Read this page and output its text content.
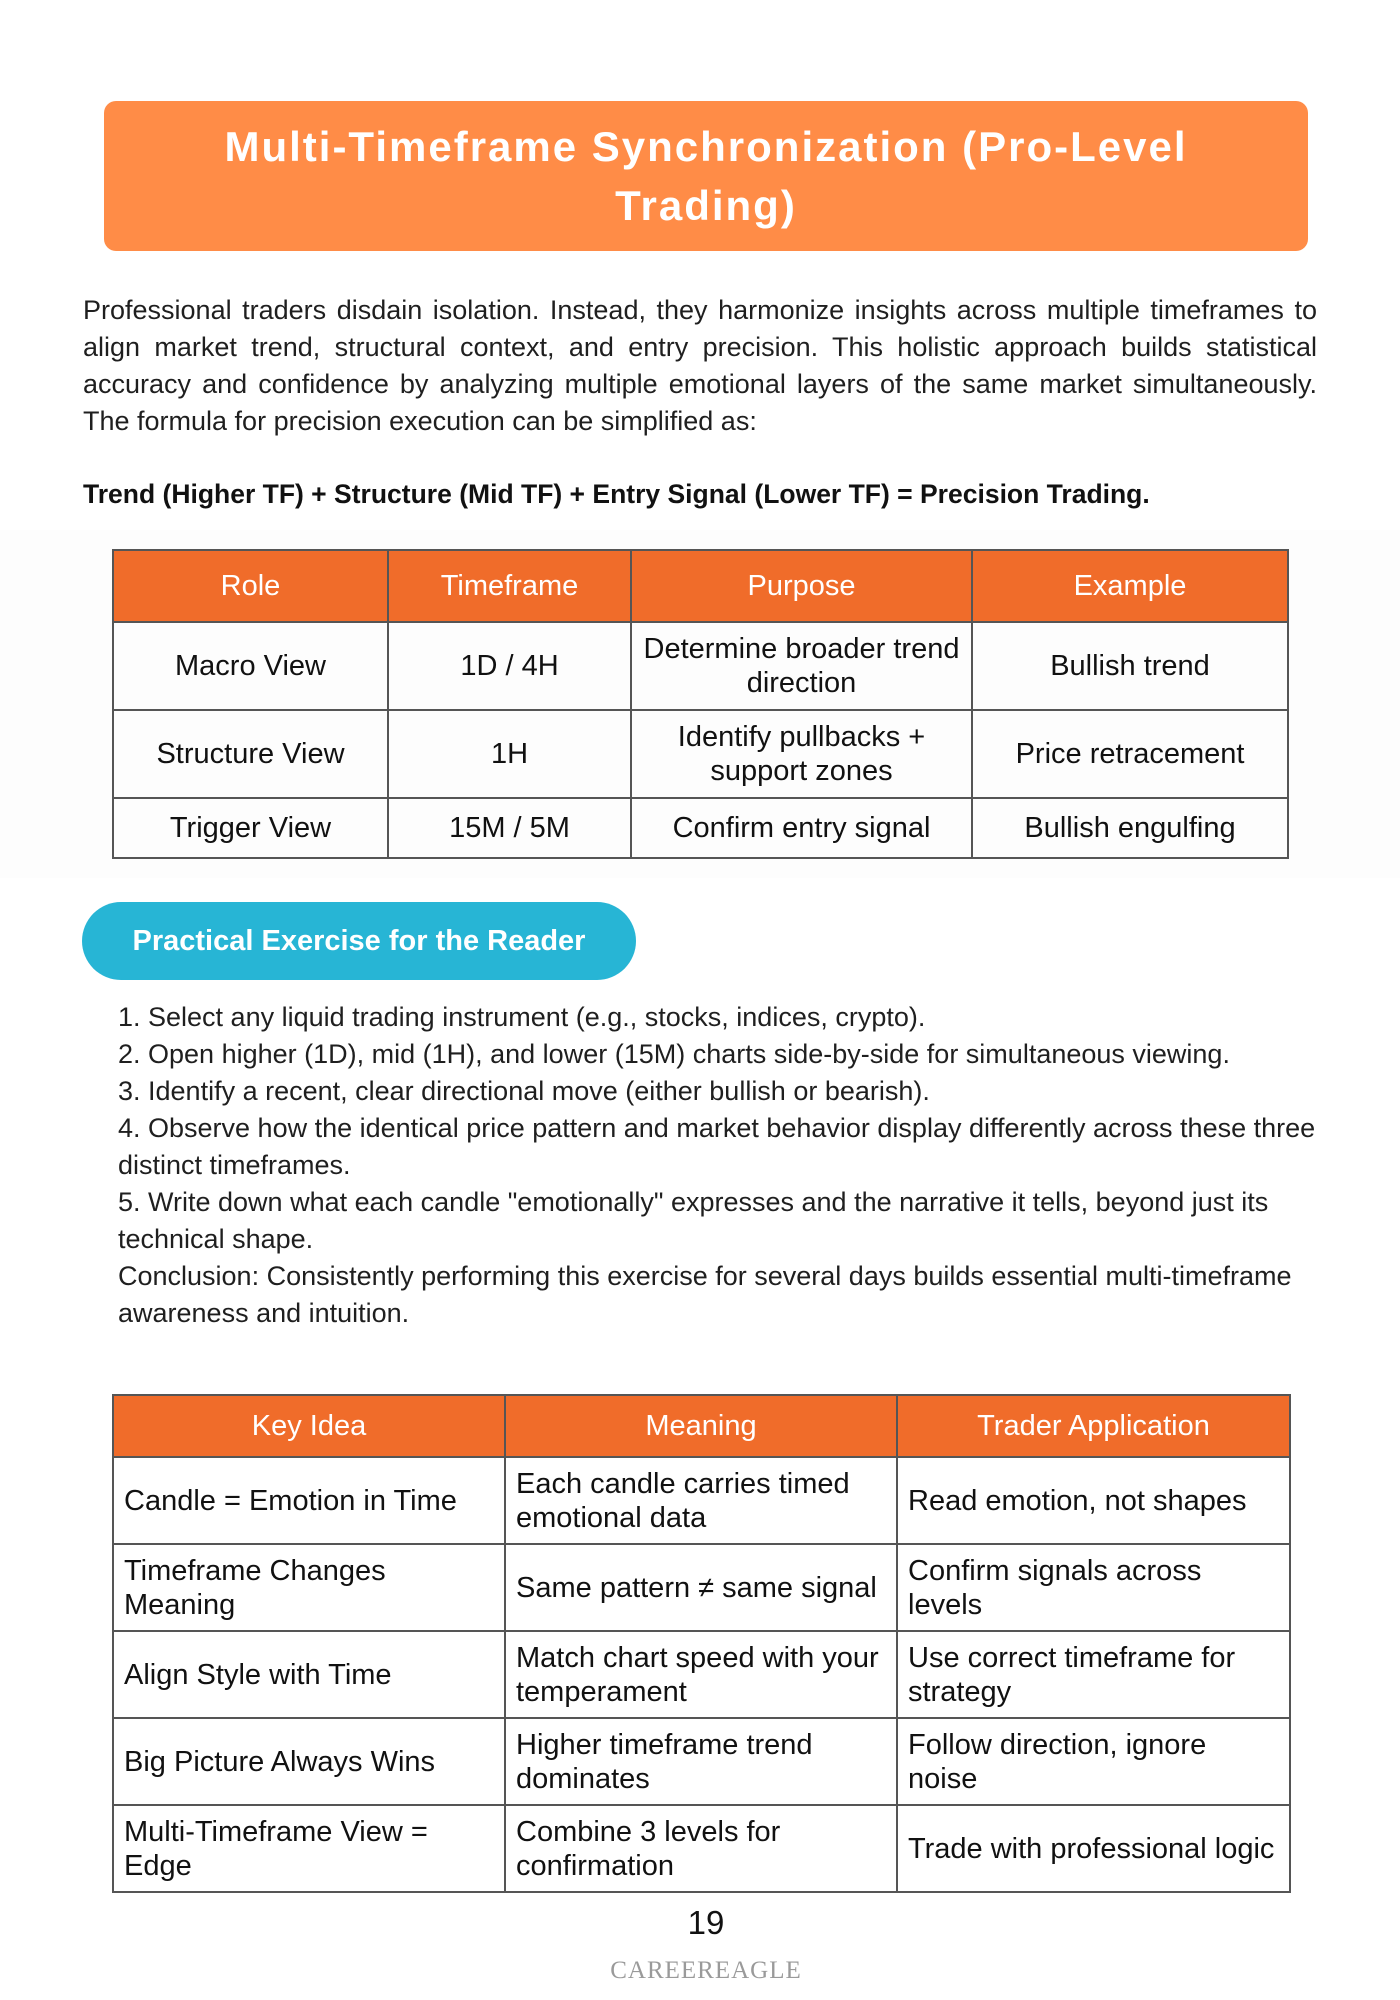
Multi-Timeframe Synchronization (Pro-Level Trading)

Professional traders disdain isolation. Instead, they harmonize insights across multiple timeframes to align market trend, structural context, and entry precision. This holistic approach builds statistical accuracy and confidence by analyzing multiple emotional layers of the same market simultaneously. The formula for precision execution can be simplified as:

Trend (Higher TF) + Structure (Mid TF) + Entry Signal (Lower TF) = Precision Trading.

Role	Timeframe	Purpose	Example
Macro View	1D / 4H	Determine broader trend direction	Bullish trend
Structure View	1H	Identify pullbacks + support zones	Price retracement
Trigger View	15M / 5M	Confirm entry signal	Bullish engulfing
Practical Exercise for the Reader
1. Select any liquid trading instrument (e.g., stocks, indices, crypto).
2. Open higher (1D), mid (1H), and lower (15M) charts side-by-side for simultaneous viewing.
3. Identify a recent, clear directional move (either bullish or bearish).
4. Observe how the identical price pattern and market behavior display differently across these three distinct timeframes.
5. Write down what each candle "emotionally" expresses and the narrative it tells, beyond just its technical shape.
Conclusion: Consistently performing this exercise for several days builds essential multi-timeframe awareness and intuition.
Key Idea	Meaning	Trader Application
Candle = Emotion in Time	Each candle carries timed emotional data	Read emotion, not shapes
Timeframe Changes Meaning	Same pattern ≠ same signal	Confirm signals across levels
Align Style with Time	Match chart speed with your temperament	Use correct timeframe for strategy
Big Picture Always Wins	Higher timeframe trend dominates	Follow direction, ignore noise
Multi-Timeframe View = Edge	Combine 3 levels for confirmation	Trade with professional logic
19
CAREEREAGLE
